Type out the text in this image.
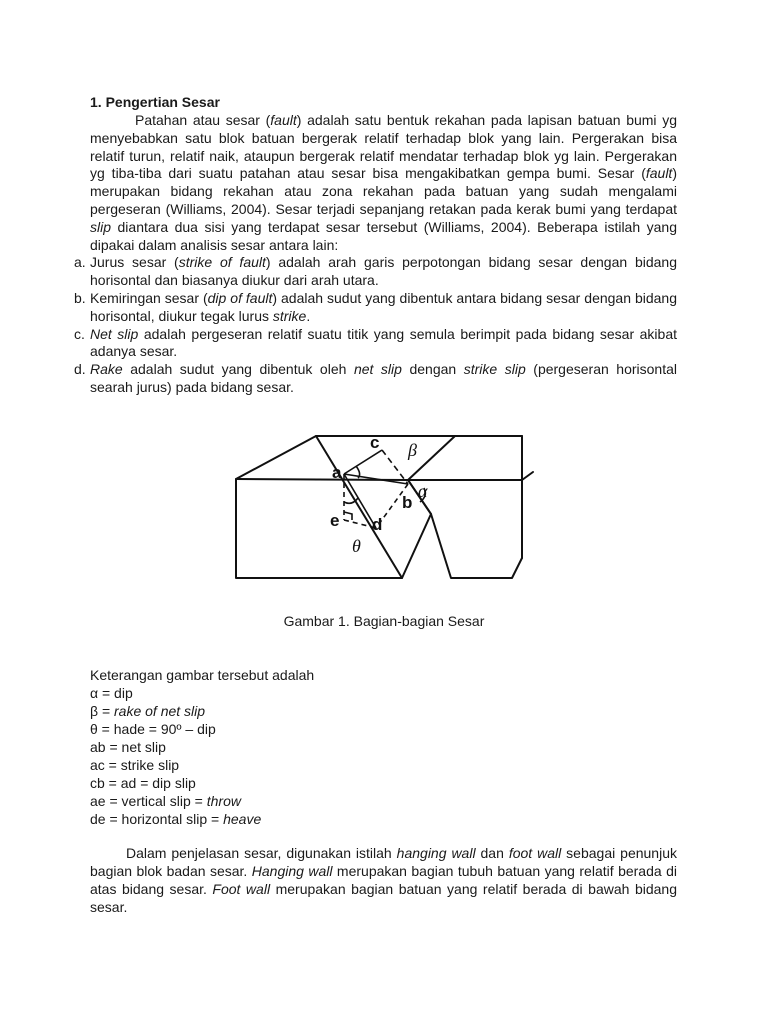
1. Pengertian Sesar

Patahan atau sesar (fault) adalah satu bentuk rekahan pada lapisan batuan bumi yg menyebabkan satu blok batuan bergerak relatif terhadap blok yang lain. Pergerakan bisa relatif turun, relatif naik, ataupun bergerak relatif mendatar terhadap blok yg lain. Pergerakan yg tiba-tiba dari suatu patahan atau sesar bisa mengakibatkan gempa bumi. Sesar (fault) merupakan bidang rekahan atau zona rekahan pada batuan yang sudah mengalami pergeseran (Williams, 2004). Sesar terjadi sepanjang retakan pada kerak bumi yang terdapat slip diantara dua sisi yang terdapat sesar tersebut (Williams, 2004). Beberapa istilah yang dipakai dalam analisis sesar antara lain:

a. Jurus sesar (strike of fault) adalah arah garis perpotongan bidang sesar dengan bidang horisontal dan biasanya diukur dari arah utara.
b. Kemiringan sesar (dip of fault) adalah sudut yang dibentuk antara bidang sesar dengan bidang horisontal, diukur tegak lurus strike.
c. Net slip adalah pergeseran relatif suatu titik yang semula berimpit pada bidang sesar akibat adanya sesar.
d. Rake adalah sudut yang dibentuk oleh net slip dengan strike slip (pergeseran horisontal searah jurus) pada bidang sesar.
a
b
c
d
e
α
β
θ
Gambar 1. Bagian-bagian Sesar
Keterangan gambar tersebut adalah
α = dip
β = rake of net slip
θ = hade = 90º – dip
ab = net slip
ac = strike slip
cb = ad = dip slip
ae = vertical slip = throw
de = horizontal slip = heave

Dalam penjelasan sesar, digunakan istilah hanging wall dan foot wall sebagai penunjuk bagian blok badan sesar. Hanging wall merupakan bagian tubuh batuan yang relatif berada di atas bidang sesar. Foot wall merupakan bagian batuan yang relatif berada di bawah bidang sesar.
